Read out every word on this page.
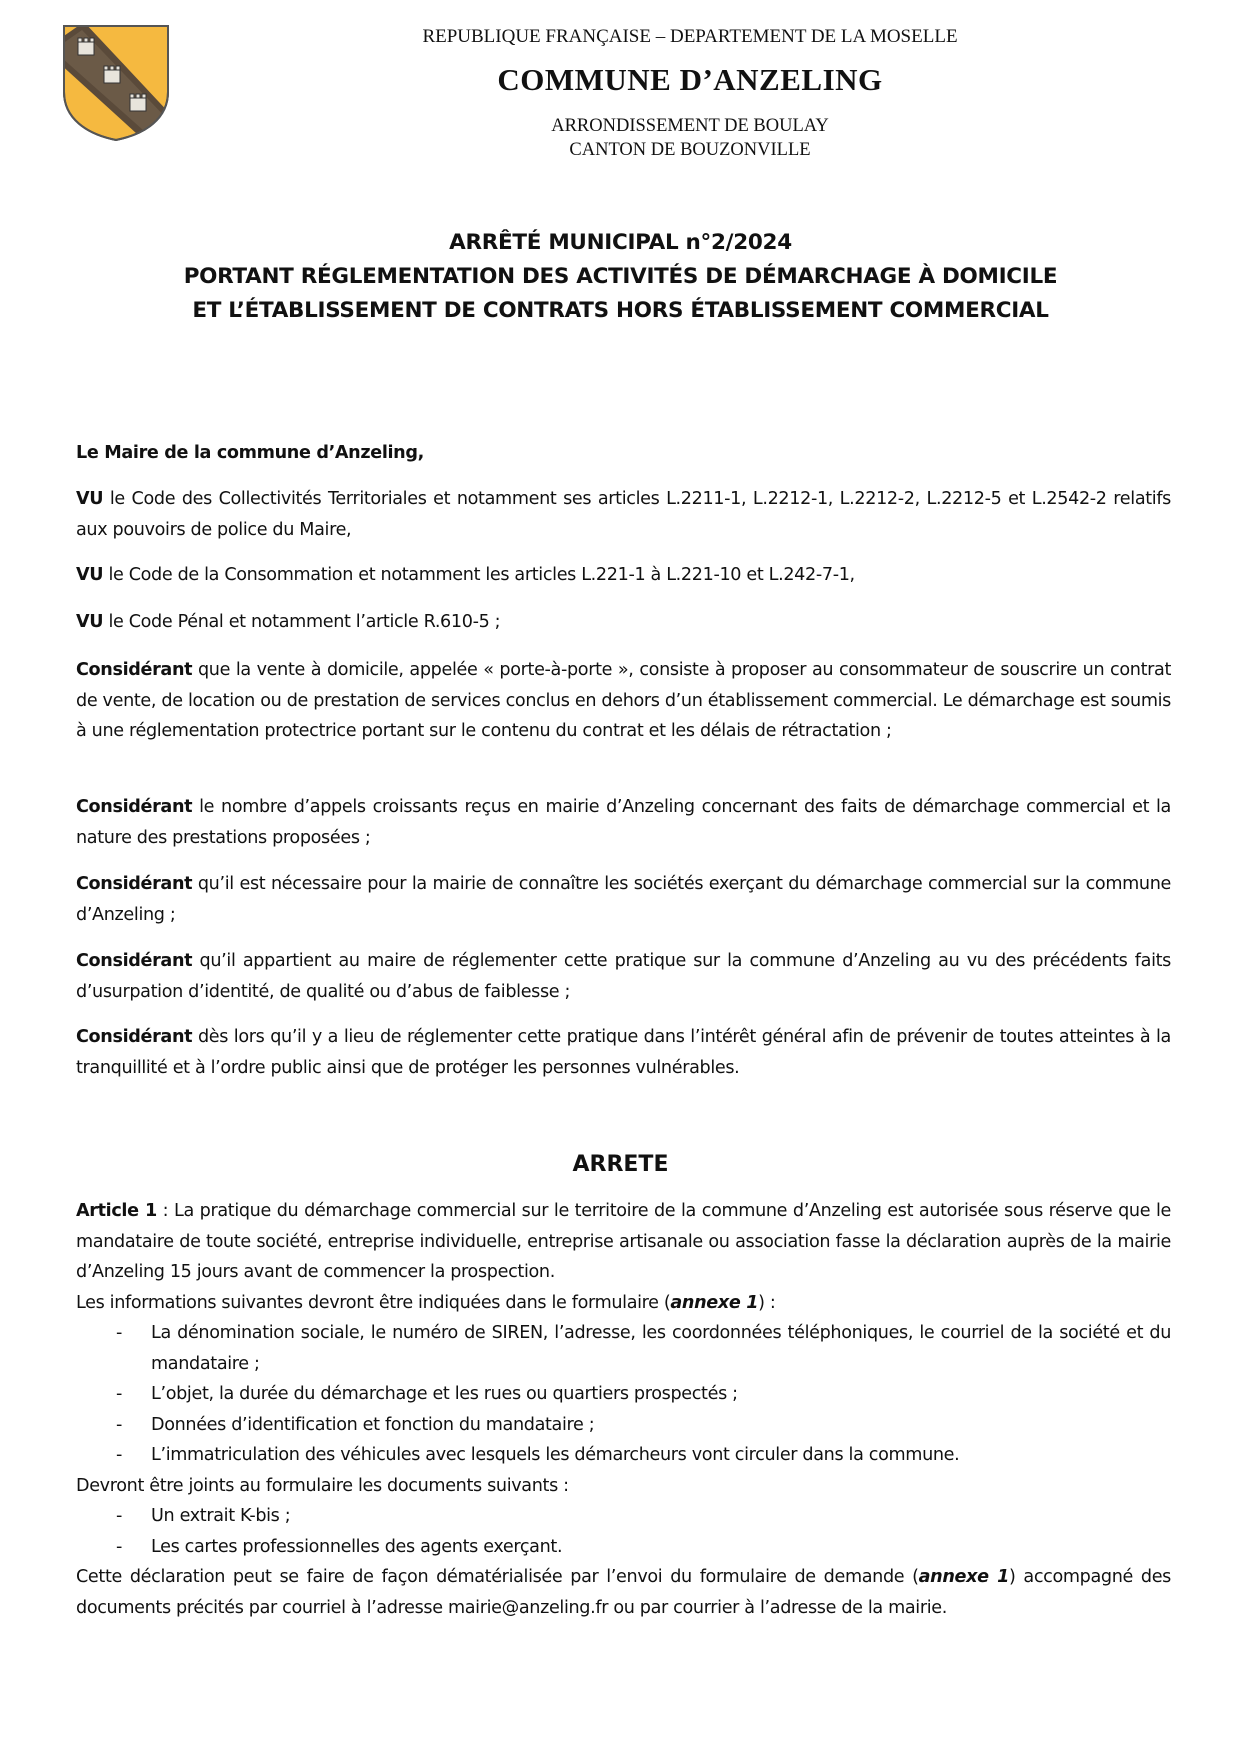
REPUBLIQUE FRANÇAISE – DEPARTEMENT DE LA MOSELLE
COMMUNE D’ANZELING
ARRONDISSEMENT DE BOULAY
CANTON DE BOUZONVILLE
ARRÊTÉ MUNICIPAL n°2/2024
PORTANT RÉGLEMENTATION DES ACTIVITÉS DE DÉMARCHAGE À DOMICILE
ET L’ÉTABLISSEMENT DE CONTRATS HORS ÉTABLISSEMENT COMMERCIAL

Le Maire de la commune d’Anzeling,

VU le Code des Collectivités Territoriales et notamment ses articles L.2211-1, L.2212-1, L.2212-2, L.2212-5 et L.2542-2 relatifs aux pouvoirs de police du Maire,

VU le Code de la Consommation et notamment les articles L.221-1 à L.221-10 et L.242-7-1,

VU le Code Pénal et notamment l’article R.610-5 ;

Considérant que la vente à domicile, appelée « porte-à-porte », consiste à proposer au consommateur de souscrire un contrat de vente, de location ou de prestation de services conclus en dehors d’un établissement commercial. Le démarchage est soumis à une réglementation protectrice portant sur le contenu du contrat et les délais de rétractation ;

Considérant le nombre d’appels croissants reçus en mairie d’Anzeling concernant des faits de démarchage commercial et la nature des prestations proposées ;

Considérant qu’il est nécessaire pour la mairie de connaître les sociétés exerçant du démarchage commercial sur la commune d’Anzeling ;

Considérant qu’il appartient au maire de réglementer cette pratique sur la commune d’Anzeling au vu des précédents faits d’usurpation d’identité, de qualité ou d’abus de faiblesse ;

Considérant dès lors qu’il y a lieu de réglementer cette pratique dans l’intérêt général afin de prévenir de toutes atteintes à la tranquillité et à l’ordre public ainsi que de protéger les personnes vulnérables.

ARRETE

Article 1 : La pratique du démarchage commercial sur le territoire de la commune d’Anzeling est autorisée sous réserve que le mandataire de toute société, entreprise individuelle, entreprise artisanale ou association fasse la déclaration auprès de la mairie d’Anzeling 15 jours avant de commencer la prospection.

Les informations suivantes devront être indiquées dans le formulaire (annexe 1) :

- La dénomination sociale, le numéro de SIREN, l’adresse, les coordonnées téléphoniques, le courriel de la société et du mandataire ;
- L’objet, la durée du démarchage et les rues ou quartiers prospectés ;
- Données d’identification et fonction du mandataire ;
- L’immatriculation des véhicules avec lesquels les démarcheurs vont circuler dans la commune.

Devront être joints au formulaire les documents suivants :

- Un extrait K-bis ;
- Les cartes professionnelles des agents exerçant.

Cette déclaration peut se faire de façon dématérialisée par l’envoi du formulaire de demande (annexe 1) accompagné des documents précités par courriel à l’adresse mairie@anzeling.fr ou par courrier à l’adresse de la mairie.
